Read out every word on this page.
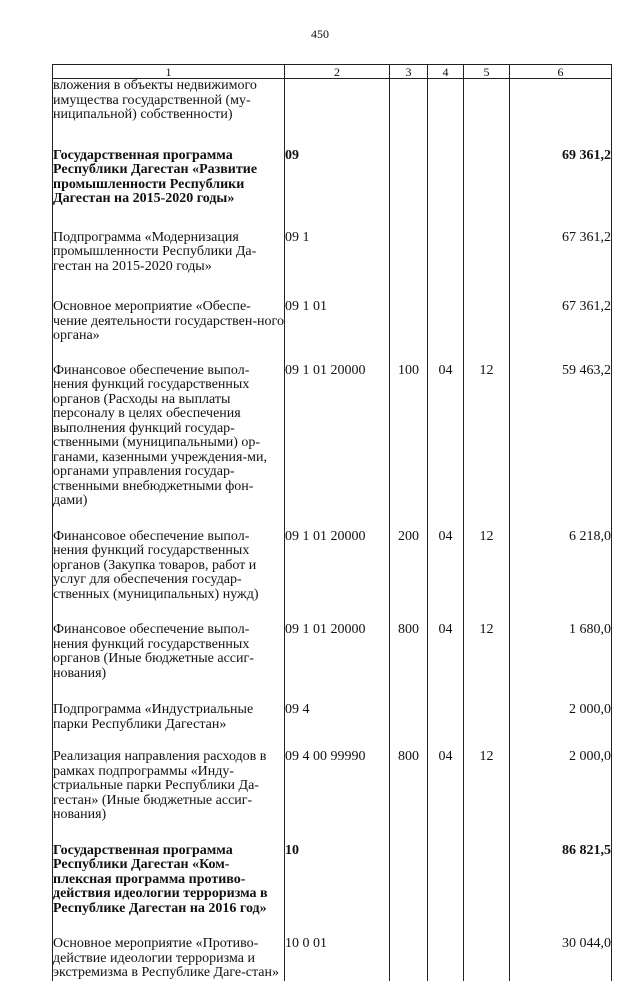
450
1	2	3	4	5	6
вложения в объекты недвижимого имущества государственной (му-ниципальной) собственности)					
Государственная программа Республики Дагестан «Развитие промышленности Республики Дагестан на 2015-2020 годы»	09				69 361,2
Подпрограмма «Модернизация промышленности Республики Да-гестан на 2015-2020 годы»	09 1				67 361,2
Основное мероприятие «Обеспе-чение деятельности государствен-ного органа»	09 1 01				67 361,2
Финансовое обеспечение выпол-нения функций государственных органов (Расходы на выплаты персоналу в целях обеспечения выполнения функций государ-ственными (муниципальными) ор-ганами, казенными учреждения-ми, органами управления государ-ственными внебюджетными фон-дами)	09 1 01 20000	100	04	12	59 463,2
Финансовое обеспечение выпол-нения функций государственных органов (Закупка товаров, работ и услуг для обеспечения государ-ственных (муниципальных) нужд)	09 1 01 20000	200	04	12	6 218,0
Финансовое обеспечение выпол-нения функций государственных органов (Иные бюджетные ассиг-нования)	09 1 01 20000	800	04	12	1 680,0
Подпрограмма «Индустриальные парки Республики Дагестан»	09 4				2 000,0
Реализация направления расходов в рамках подпрограммы «Инду-стриальные парки Республики Да-гестан» (Иные бюджетные ассиг-нования)	09 4 00 99990	800	04	12	2 000,0
Государственная программа Республики Дагестан «Ком-плексная программа противо-действия идеологии терроризма в Республике Дагестан на 2016 год»	10				86 821,5
Основное мероприятие «Противо-действие идеологии терроризма и экстремизма в Республике Даге-стан»	10 0 01				30 044,0
